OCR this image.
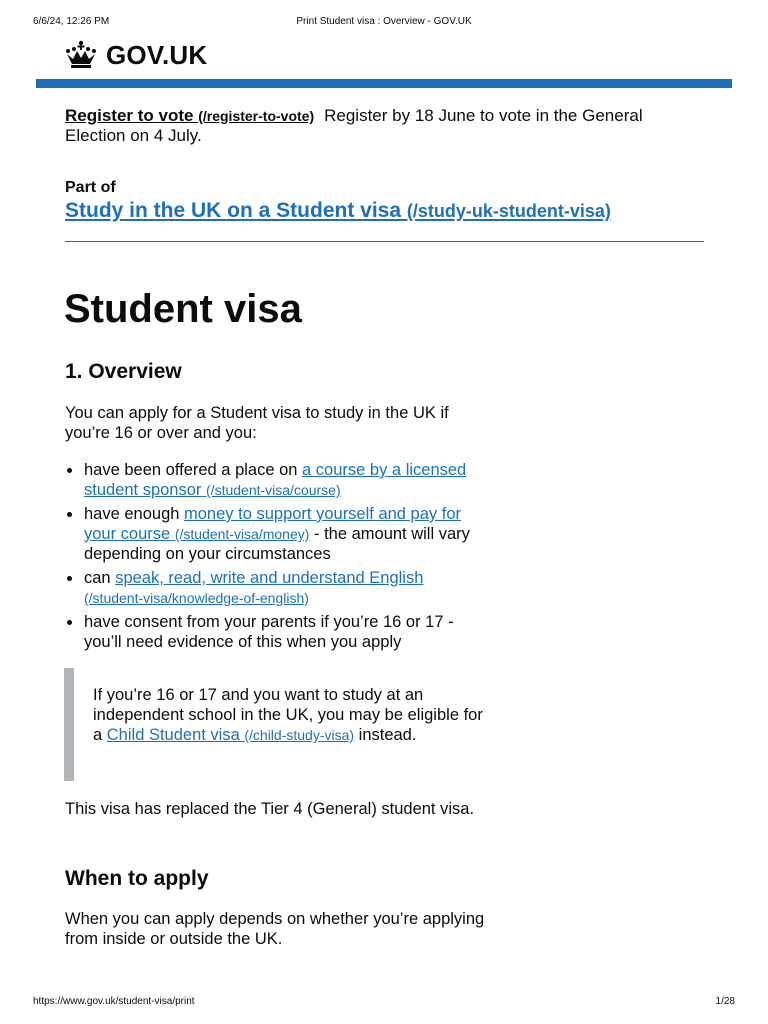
6/6/24, 12:26 PM	Print Student visa : Overview - GOV.UK
GOV.UK
Register to vote (/register-to-vote) Register by 18 June to vote in the General Election on 4 July.
Part of
Study in the UK on a Student visa (/study-uk-student-visa)
Student visa
1. Overview

You can apply for a Student visa to study in the UK if you’re 16 or over and you:

have been offered a place on a course by a licensed student sponsor (/student-visa/course)
have enough money to support yourself and pay for your course (/student-visa/money) - the amount will vary depending on your circumstances
can speak, read, write and understand English (/student-visa/knowledge-of-english)
have consent from your parents if you’re 16 or 17 - you’ll need evidence of this when you apply

If you’re 16 or 17 and you want to study at an independent school in the UK, you may be eligible for a Child Student visa (/child-study-visa) instead.

This visa has replaced the Tier 4 (General) student visa.

When to apply

When you can apply depends on whether you’re applying from inside or outside the UK.

https://www.gov.uk/student-visa/print	1/28
